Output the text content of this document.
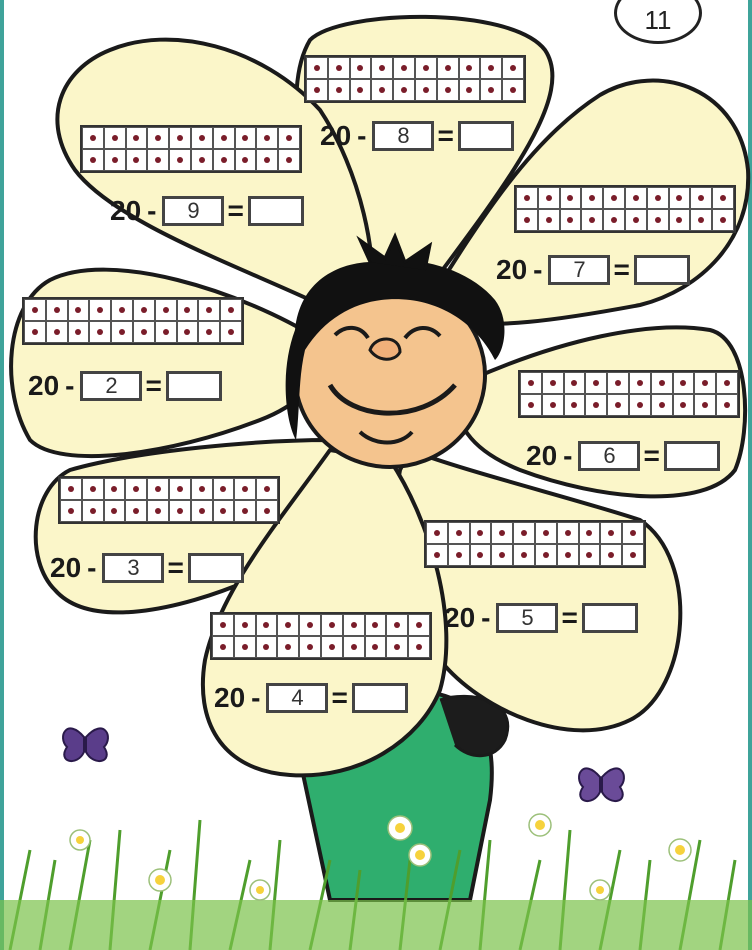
11
20 -	8 =
20 -	9 =
20 -	7 =
20 -	2 =
20 -	6 =
20 -	3 =
20 -	5 =
20 -	4 =
